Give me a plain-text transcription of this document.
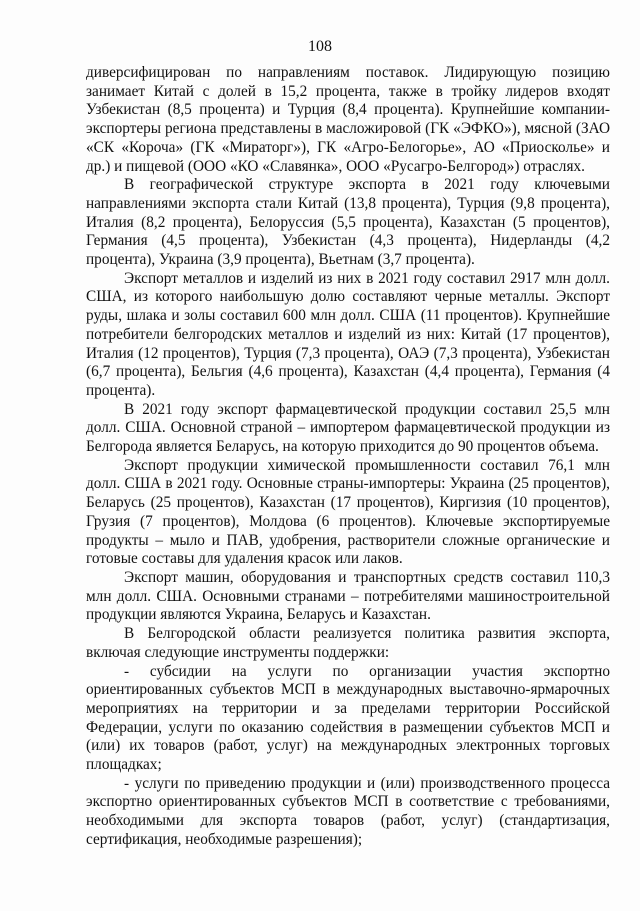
108

диверсифицирован по направлениям поставок. Лидирующую позицию занимает Китай с долей в 15,2 процента, также в тройку лидеров входят Узбекистан (8,5 процента) и Турция (8,4 процента). Крупнейшие компании-экспортеры региона представлены в масложировой (ГК «ЭФКО»), мясной (ЗАО «СК «Короча» (ГК «Мираторг»), ГК «Агро-Белогорье», АО «Приосколье» и др.) и пищевой (ООО «КО «Славянка», ООО «Русагро-Белгород») отраслях.

В географической структуре экспорта в 2021 году ключевыми направлениями экспорта стали Китай (13,8 процента), Турция (9,8 процента), Италия (8,2 процента), Белоруссия (5,5 процента), Казахстан (5 процентов), Германия (4,5 процента), Узбекистан (4,3 процента), Нидерланды (4,2 процента), Украина (3,9 процента), Вьетнам (3,7 процента).

Экспорт металлов и изделий из них в 2021 году составил 2917 млн долл. США, из которого наибольшую долю составляют черные металлы. Экспорт руды, шлака и золы составил 600 млн долл. США (11 процентов). Крупнейшие потребители белгородских металлов и изделий из них: Китай (17 процентов), Италия (12 процентов), Турция (7,3 процента), ОАЭ (7,3 процента), Узбекистан (6,7 процента), Бельгия (4,6 процента), Казахстан (4,4 процента), Германия (4 процента).

В 2021 году экспорт фармацевтической продукции составил 25,5 млн долл. США. Основной страной – импортером фармацевтической продукции из Белгорода является Беларусь, на которую приходится до 90 процентов объема.

Экспорт продукции химической промышленности составил 76,1 млн долл. США в 2021 году. Основные страны-импортеры: Украина (25 процентов), Беларусь (25 процентов), Казахстан (17 процентов), Киргизия (10 процентов), Грузия (7 процентов), Молдова (6 процентов). Ключевые экспортируемые продукты – мыло и ПАВ, удобрения, растворители сложные органические и готовые составы для удаления красок или лаков.

Экспорт машин, оборудования и транспортных средств составил 110,3 млн долл. США. Основными странами – потребителями машиностроительной продукции являются Украина, Беларусь и Казахстан.

В Белгородской области реализуется политика развития экспорта, включая следующие инструменты поддержки:

- субсидии на услуги по организации участия экспортно ориентированных субъектов МСП в международных выставочно-ярмарочных мероприятиях на территории и за пределами территории Российской Федерации, услуги по оказанию содействия в размещении субъектов МСП и (или) их товаров (работ, услуг) на международных электронных торговых площадках;

- услуги по приведению продукции и (или) производственного процесса экспортно ориентированных субъектов МСП в соответствие с требованиями, необходимыми для экспорта товаров (работ, услуг) (стандартизация, сертификация, необходимые разрешения);
